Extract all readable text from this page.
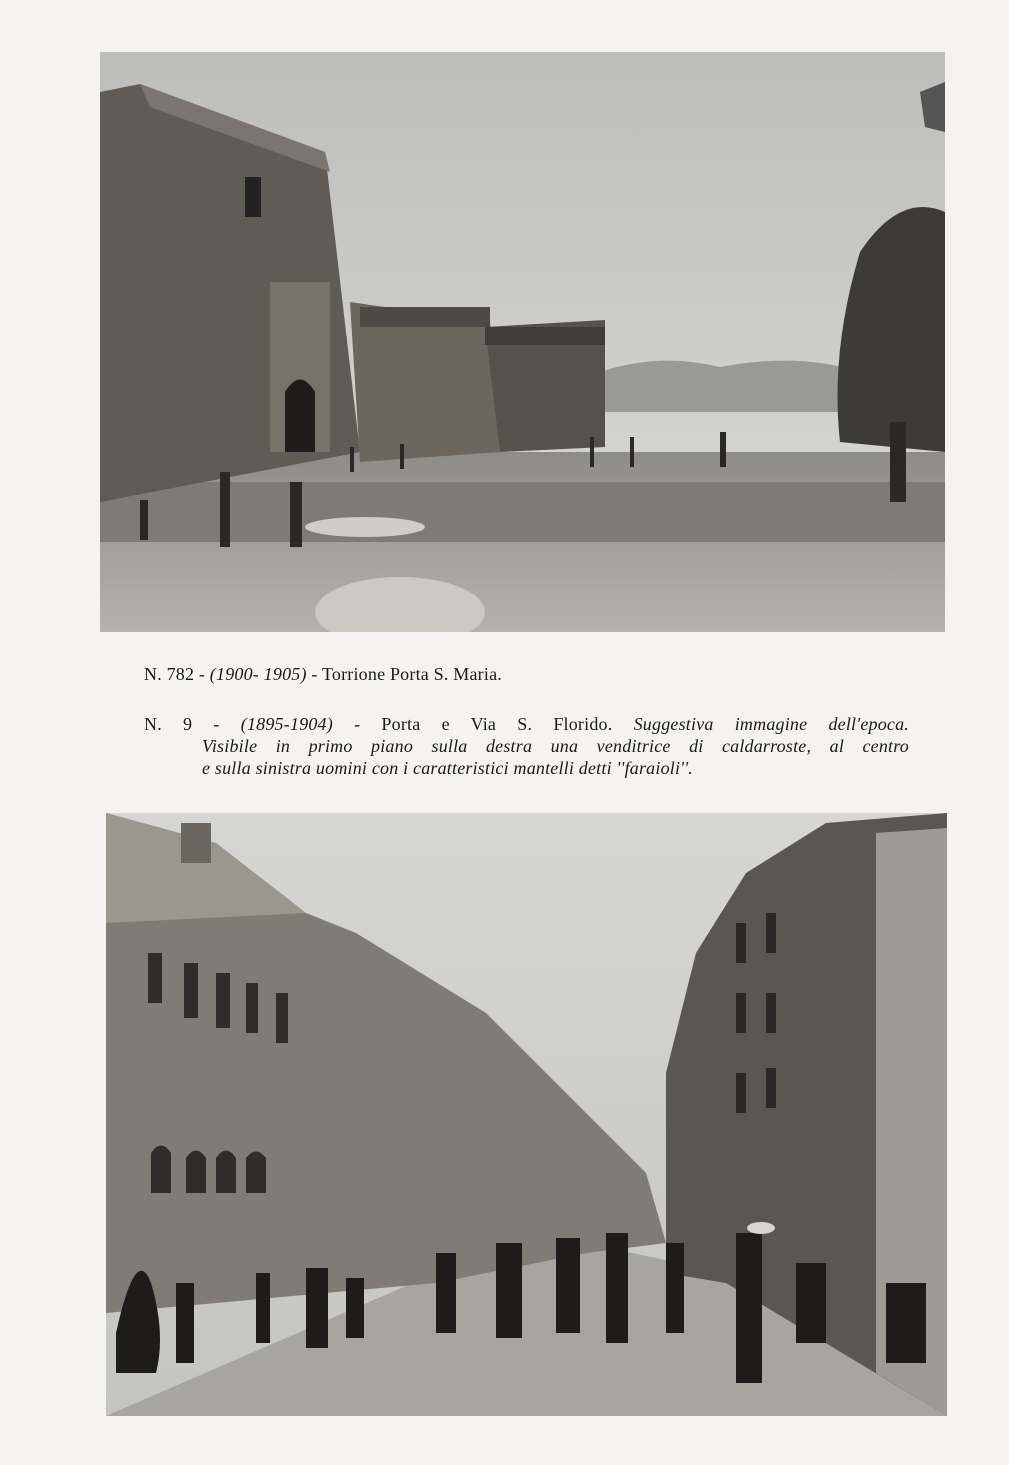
N. 782 - (1900- 1905) - Torrione Porta S. Maria.
N. 9 - (1895-1904) - Porta e Via S. Florido. Suggestiva immagine dell'epoca.
Visibile in primo piano sulla destra una venditrice di caldarroste, al centro
e sulla sinistra uomini con i caratteristici mantelli detti ''faraioli''.
